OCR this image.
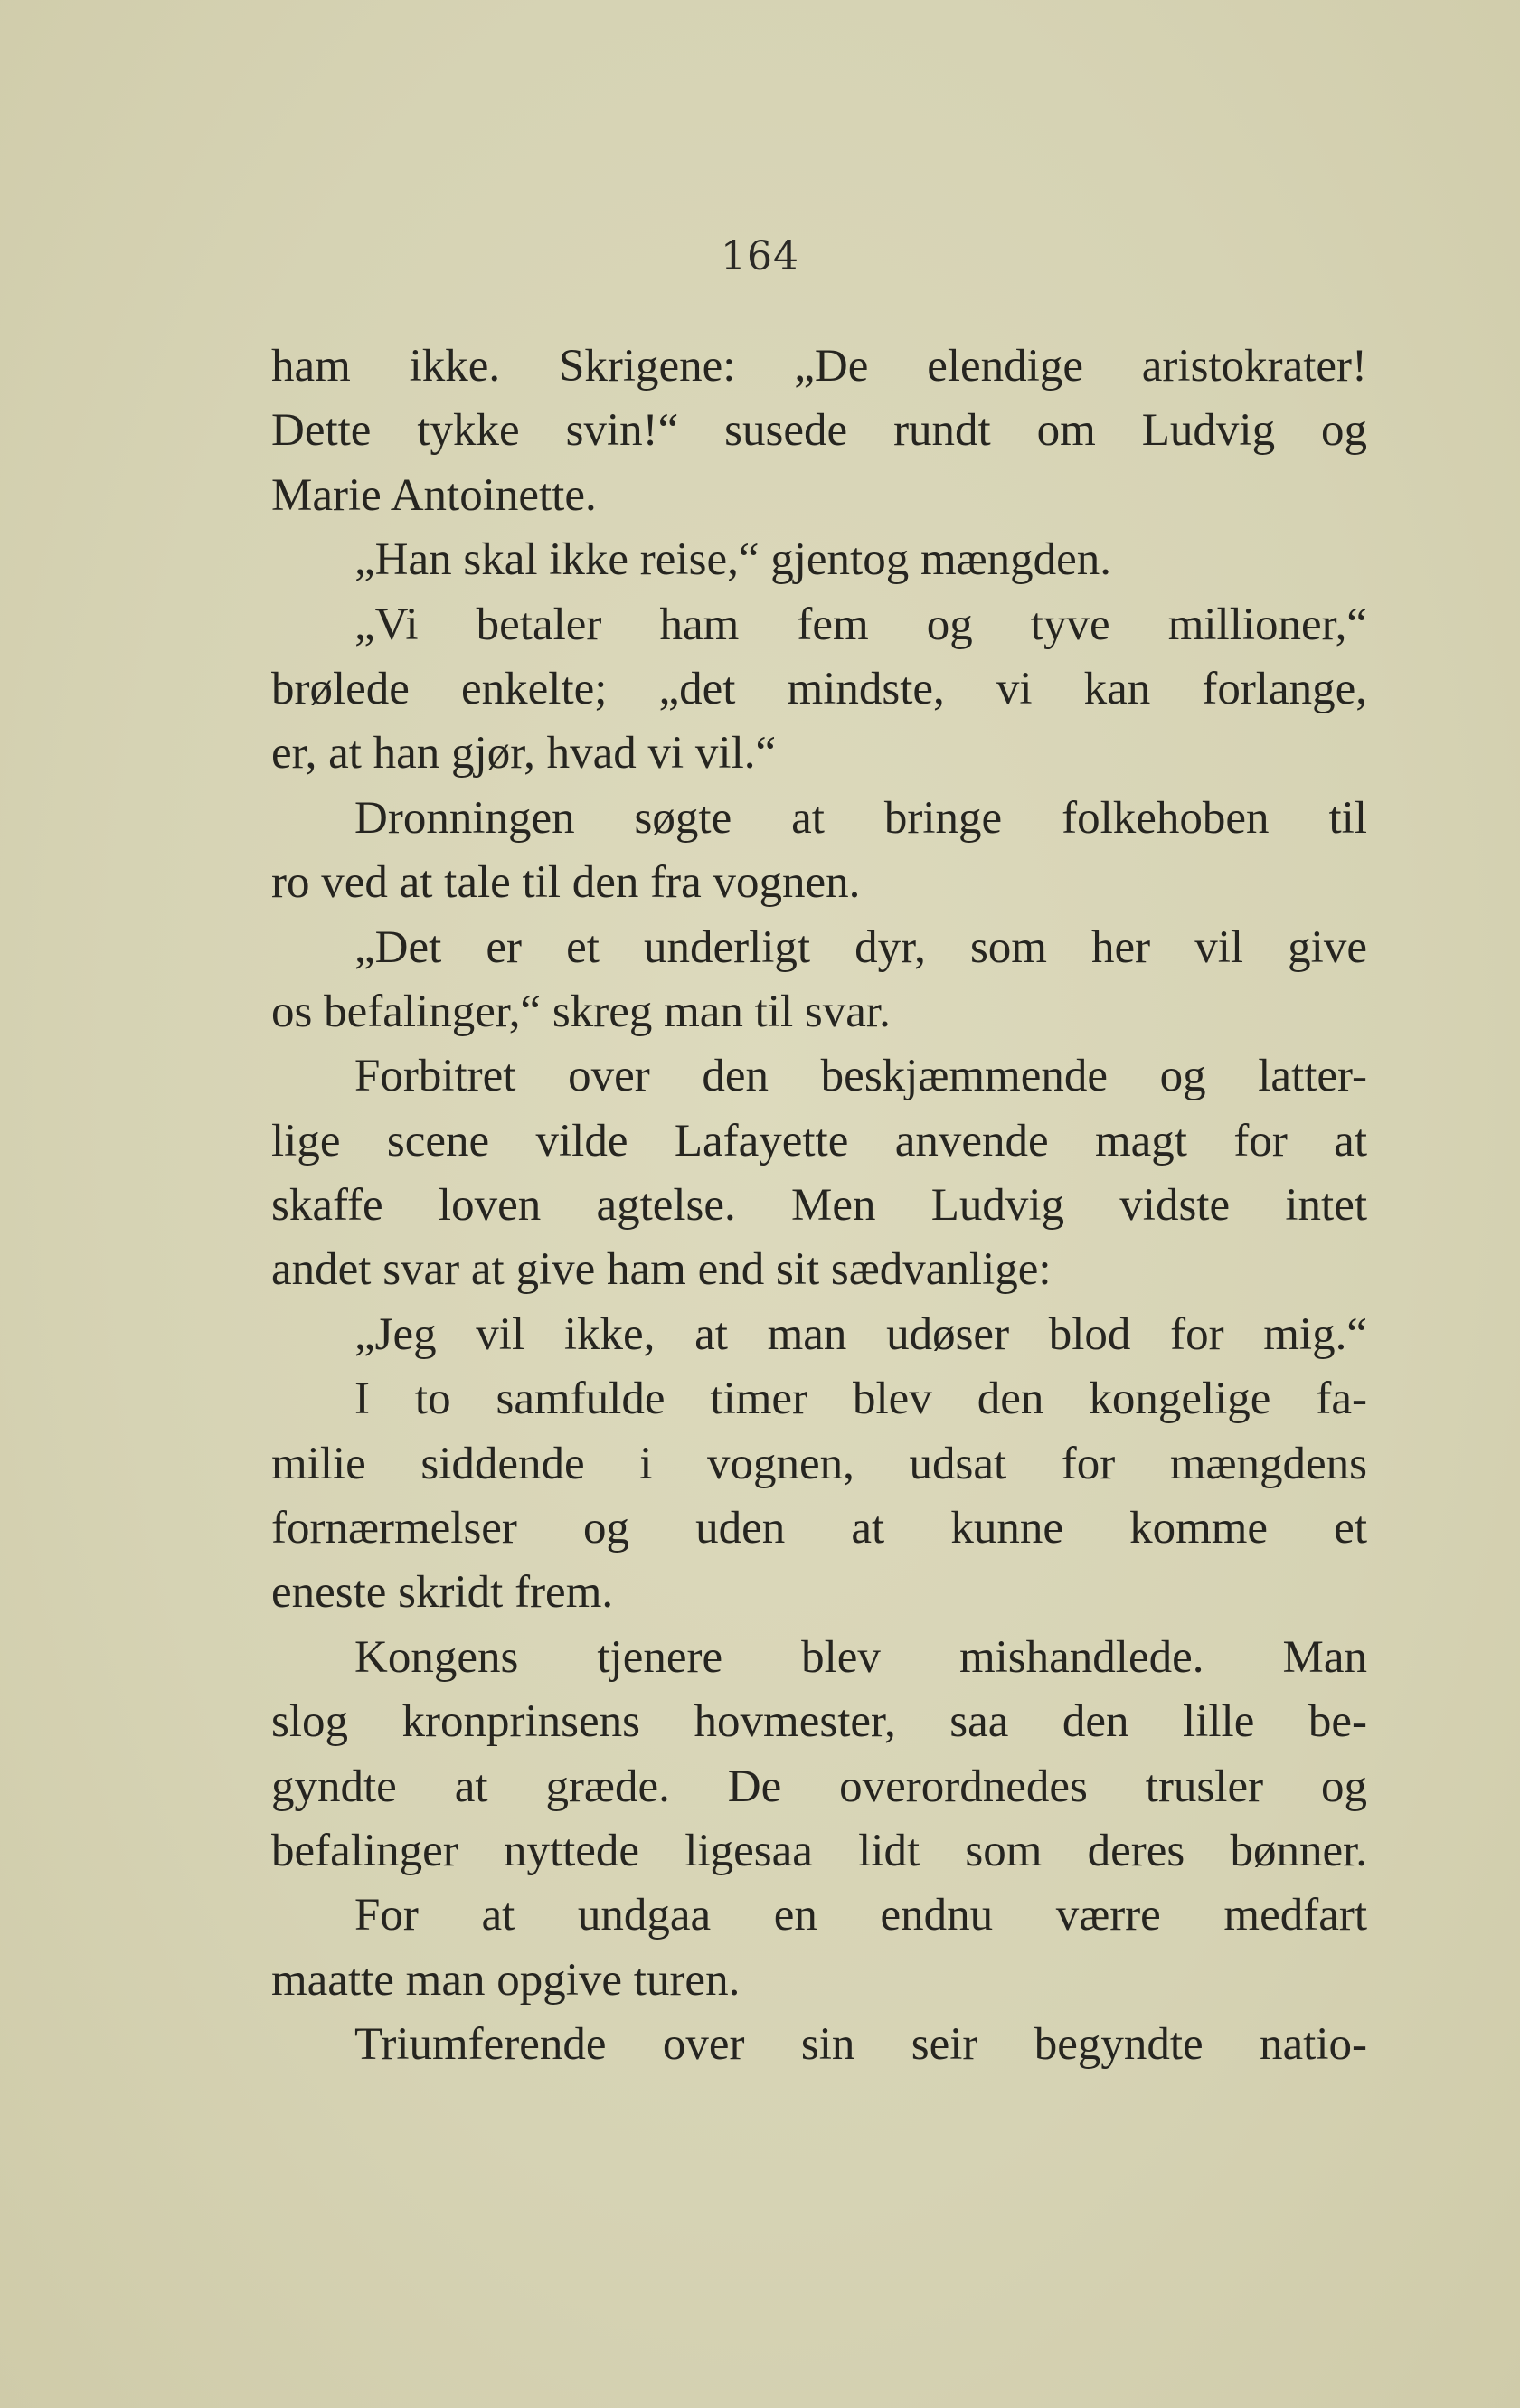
164
ham ikke. Skrigene: „De elendige aristokrater!
Dette tykke svin!“ susede rundt om Ludvig og
Marie Antoinette.
„Han skal ikke reise,“ gjentog mængden.
„Vi betaler ham fem og tyve millioner,“
brølede enkelte; „det mindste, vi kan forlange,
er, at han gjør, hvad vi vil.“
Dronningen søgte at bringe folkehoben til
ro ved at tale til den fra vognen.
„Det er et underligt dyr, som her vil give
os befalinger,“ skreg man til svar.
Forbitret over den beskjæmmende og latter-
lige scene vilde Lafayette anvende magt for at
skaffe loven agtelse. Men Ludvig vidste intet
andet svar at give ham end sit sædvanlige:
„Jeg vil ikke, at man udøser blod for mig.“
I to samfulde timer blev den kongelige fa-
milie siddende i vognen, udsat for mængdens
fornærmelser og uden at kunne komme et
eneste skridt frem.
Kongens tjenere blev mishandlede. Man
slog kronprinsens hovmester, saa den lille be-
gyndte at græde. De overordnedes trusler og
befalinger nyttede ligesaa lidt som deres bønner.
For at undgaa en endnu værre medfart
maatte man opgive turen.
Triumferende over sin seir begyndte natio-
